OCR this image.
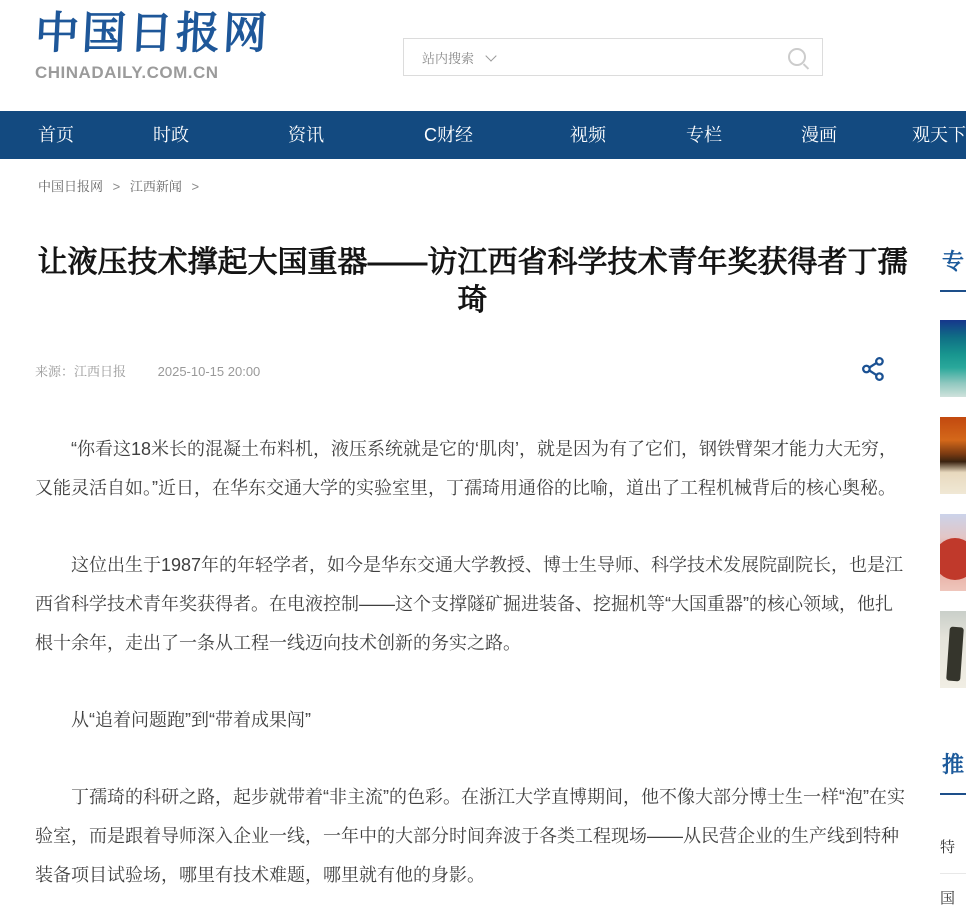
中国日报网
CHINADAILY.COM.CN
站内搜索
首页	时政	资讯	C财经	视频	专栏	漫画	观天下
中国日报网 > 江西新闻 >
让液压技术撑起大国重器——访江西省科学技术青年奖获得者丁孺琦
来源：江西日报 2025-10-15 20:00

“你看这18米长的混凝土布料机，液压系统就是它的‘肌肉’，就是因为有了它们，钢铁臂架才能力大无穷，又能灵活自如。”近日，在华东交通大学的实验室里，丁孺琦用通俗的比喻，道出了工程机械背后的核心奥秘。

这位出生于1987年的年轻学者，如今是华东交通大学教授、博士生导师、科学技术发展院副院长，也是江西省科学技术青年奖获得者。在电液控制——这个支撑隧矿掘进装备、挖掘机等“大国重器”的核心领域，他扎根十余年，走出了一条从工程一线迈向技术创新的务实之路。

从“追着问题跑”到“带着成果闯”

丁孺琦的科研之路，起步就带着“非主流”的色彩。在浙江大学直博期间，他不像大部分博士生一样“泡”在实验室，而是跟着导师深入企业一线，一年中的大部分时间奔波于各类工程现场——从民营企业的生产线到特种装备项目试验场，哪里有技术难题，哪里就有他的身影。

专
推
特
国
